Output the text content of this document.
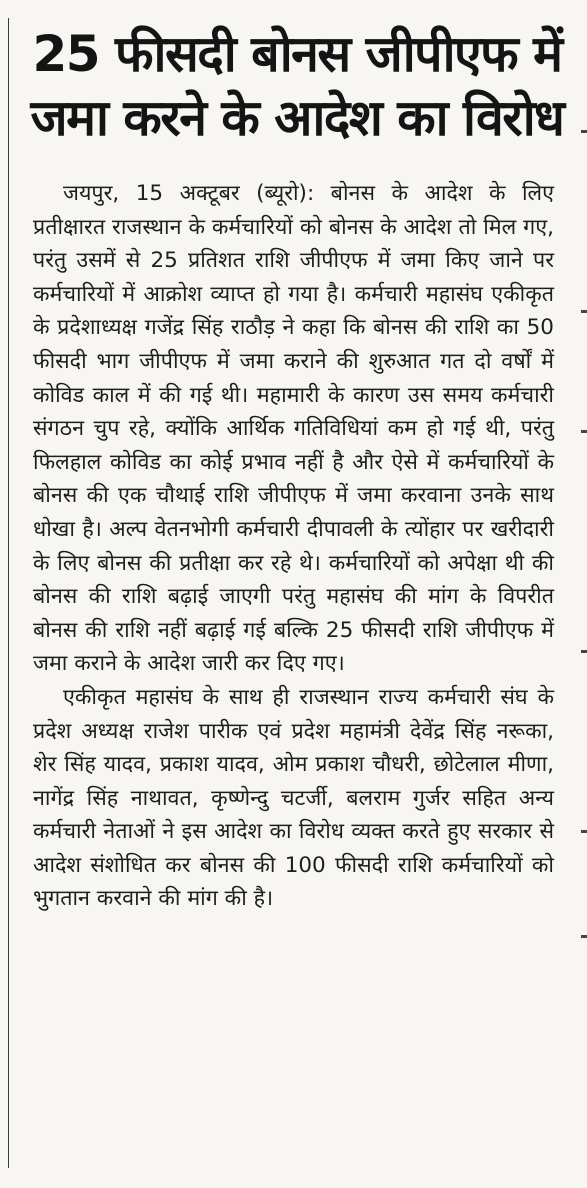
25 फीसदी बोनस जीपीएफ में
जमा करने के आदेश का विरोध

जयपुर, 15 अक्टूबर (ब्यूरो): बोनस के आदेश के लिए प्रतीक्षारत राजस्थान के कर्मचारियों को बोनस के आदेश तो मिल गए, परंतु उसमें से 25 प्रतिशत राशि जीपीएफ में जमा किए जाने पर कर्मचारियों में आक्रोश व्याप्त हो गया है। कर्मचारी महासंघ एकीकृत के प्रदेशाध्यक्ष गजेंद्र सिंह राठौड़ ने कहा कि बोनस की राशि का 50 फीसदी भाग जीपीएफ में जमा कराने की शुरुआत गत दो वर्षों में कोविड काल में की गई थी। महामारी के कारण उस समय कर्मचारी संगठन चुप रहे, क्योंकि आर्थिक गतिविधियां कम हो गई थी, परंतु फिलहाल कोविड का कोई प्रभाव नहीं है और ऐसे में कर्मचारियों के बोनस की एक चौथाई राशि जीपीएफ में जमा करवाना उनके साथ धोखा है। अल्प वेतनभोगी कर्मचारी दीपावली के त्योंहार पर खरीदारी के लिए बोनस की प्रतीक्षा कर रहे थे। कर्मचारियों को अपेक्षा थी की बोनस की राशि बढ़ाई जाएगी परंतु महासंघ की मांग के विपरीत बोनस की राशि नहीं बढ़ाई गई बल्कि 25 फीसदी राशि जीपीएफ में जमा कराने के आदेश जारी कर दिए गए।

एकीकृत महासंघ के साथ ही राजस्थान राज्य कर्मचारी संघ के प्रदेश अध्यक्ष राजेश पारीक एवं प्रदेश महामंत्री देवेंद्र सिंह नरूका, शेर सिंह यादव, प्रकाश यादव, ओम प्रकाश चौधरी, छोटेलाल मीणा, नागेंद्र सिंह नाथावत, कृष्णेन्दु चटर्जी, बलराम गुर्जर सहित अन्य कर्मचारी नेताओं ने इस आदेश का विरोध व्यक्त करते हुए सरकार से आदेश संशोधित कर बोनस की 100 फीसदी राशि कर्मचारियों को भुगतान करवाने की मांग की है।
